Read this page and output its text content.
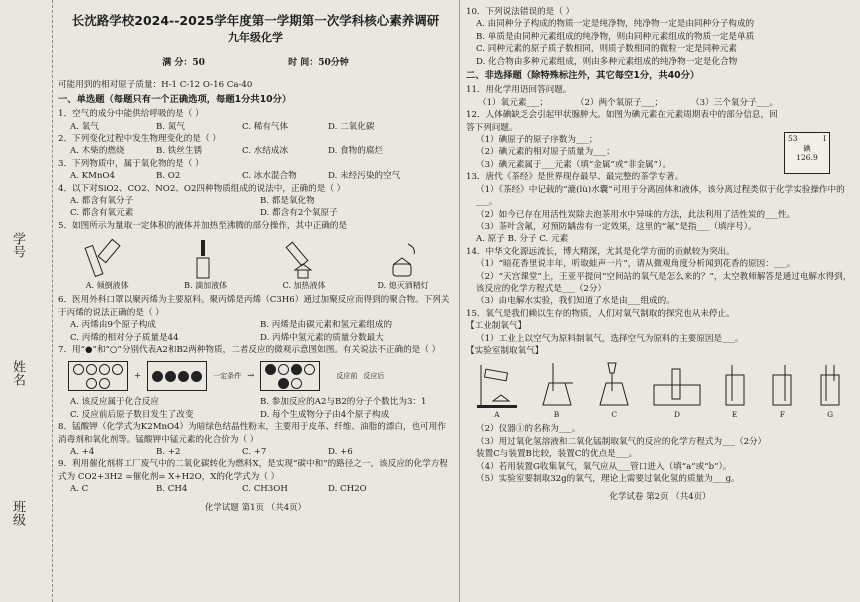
学号
姓名
班级
长沈路学校2024--2025学年度第一学期第一次学科核心素养调研
九年级化学
满 分：50	时 间：50分钟
可能用到的相对原子质量：H-1 C-12 O-16 Ca-40
一、单选题（每题只有一个正确选项，每题1分共10分）
1．空气的成分中能供给呼吸的是（ ）
A. 氧气	B. 氮气	C. 稀有气体	D. 二氧化碳
2．下列变化过程中发生物理变化的是（ ）
A. 木柴的燃烧	B. 铁丝生锈	C. 水结成冰	D. 食物的腐烂
3．下列物质中，属于氧化物的是（ ）
A. KMnO4	B. O2	C. 冰水混合物	D. 未经污染的空气
4．以下对SiO2、CO2、NO2、O2四种物质组成的说法中，正确的是（ ）
A. 都含有氧分子	B. 都是氧化物
C. 都含有氧元素	D. 都含有2个氧原子
5．如图所示为量取一定体积的液体并加热至沸腾的部分操作，其中正确的是
A. 倾倒液体	B. 滴加液体	C. 加热液体	D. 熄灭酒精灯
6．医用外科口罩以聚丙烯为主要原料。聚丙烯是丙烯（C3H6）通过加聚反应而得到的聚合物。下列关于丙烯的说法正确的是（ ）
A. 丙烯由9个原子构成	B. 丙烯是由碳元素和氢元素组成的
C. 丙烯的相对分子质量是44	D. 丙烯中氢元素的质量分数最大
7．用“●”和“○”分别代表A2和B2两种物质，二者反应的微观示意图如图。有关说法不正确的是（ ）
+	一定条件 →	反应前 反应后
A. 该反应属于化合反应	B. 参加反应的A2与B2的分子个数比为3：1
C. 反应前后原子数目发生了改变	D. 每个生成物分子由4个原子构成
8．锰酸钾（化学式为K2MnO4）为暗绿色结晶性粉末，主要用于皮革、纤维、油脂的漂白，也可用作消毒剂和氧化剂等。锰酸钾中锰元素的化合价为（ ）
A. +4	B. +2	C. +7	D. +6
9．利用催化剂将工厂废气中的二氧化碳转化为燃料X，是实现“碳中和”的路径之一，该反应的化学方程式为 CO2+3H2 =催化剂= X+H2O，X的化学式为（ ）
A. C	B. CH4	C. CH3OH	D. CH2O
化学试题 第1页 （共4页）
10．下列说法错误的是（ ）
A. 由同种分子构成的物质一定是纯净物，纯净物一定是由同种分子构成的
B. 单质是由同种元素组成的纯净物，则由同种元素组成的物质一定是单质
C. 同种元素的原子质子数相同，则质子数相同的微粒一定是同种元素
D. 化合物由多种元素组成，则由多种元素组成的纯净物一定是化合物
二、非选择题（除特殊标注外，其它每空1分，共40分）
11．用化学用语回答问题。
（1）氧元素___；	（2）两个氧原子___；	（3）三个氧分子___。
12．人体碘缺乏会引起甲状腺肿大。如图为碘元素在元素周期表中的部分信息，回答下列问题。
（1）碘原子的原子序数为___；
（2）碘元素的相对原子质量为___；
（3）碘元素属于___元素（填“金属”或“非金属”）。
53	I
碘
126.9
13．唐代《茶经》是世界现存最早、最完整的茶学专著。
（1）《茶经》中记载的“漉(lù)水囊”可用于分离固体和液体，该分离过程类似于化学实验操作中的___。
（2）如今已存在用活性炭除去泡茶用水中异味的方法，此法利用了活性炭的___性。
（3）茶叶含氟，对预防龋齿有一定效果，这里的“氟”是指___（填序号）。
A. 原子 B. 分子 C. 元素
14．中华文化源远流长，博大精深，尤其是化学方面的贡献较为突出。
（1）“暗花香里说丰年，听取蛙声一片”，请从微观角度分析闻到花香的原因：___。
（2）“天宫课堂”上，王亚平提问“空间站的氧气是怎么来的？”，太空教师解答是通过电解水得到，该反应的化学方程式是___（2分）
（3）由电解水实验，我们知道了水是由___组成的。
15．氧气是我们赖以生存的物质，人们对氧气制取的探究也从未停止。
【工业制氧气】
（1）工业上以空气为原料制氧气，选择空气为原料的主要原因是___。
【实验室制取氧气】
A	B	C	D	E	F	G
（2）仪器①的名称为___。
（3）用过氧化氢溶液和二氧化锰制取氧气的反应的化学方程式为___（2分）
装置C与装置B比较，装置C的优点是___。
（4）若用装置G收集氧气，氧气应从___管口进入（填“a”或“b”）。
（5）实验室要制取32g的氧气，理论上需要过氧化氢的质量为___g。
化学试卷 第2页 （共4页）
